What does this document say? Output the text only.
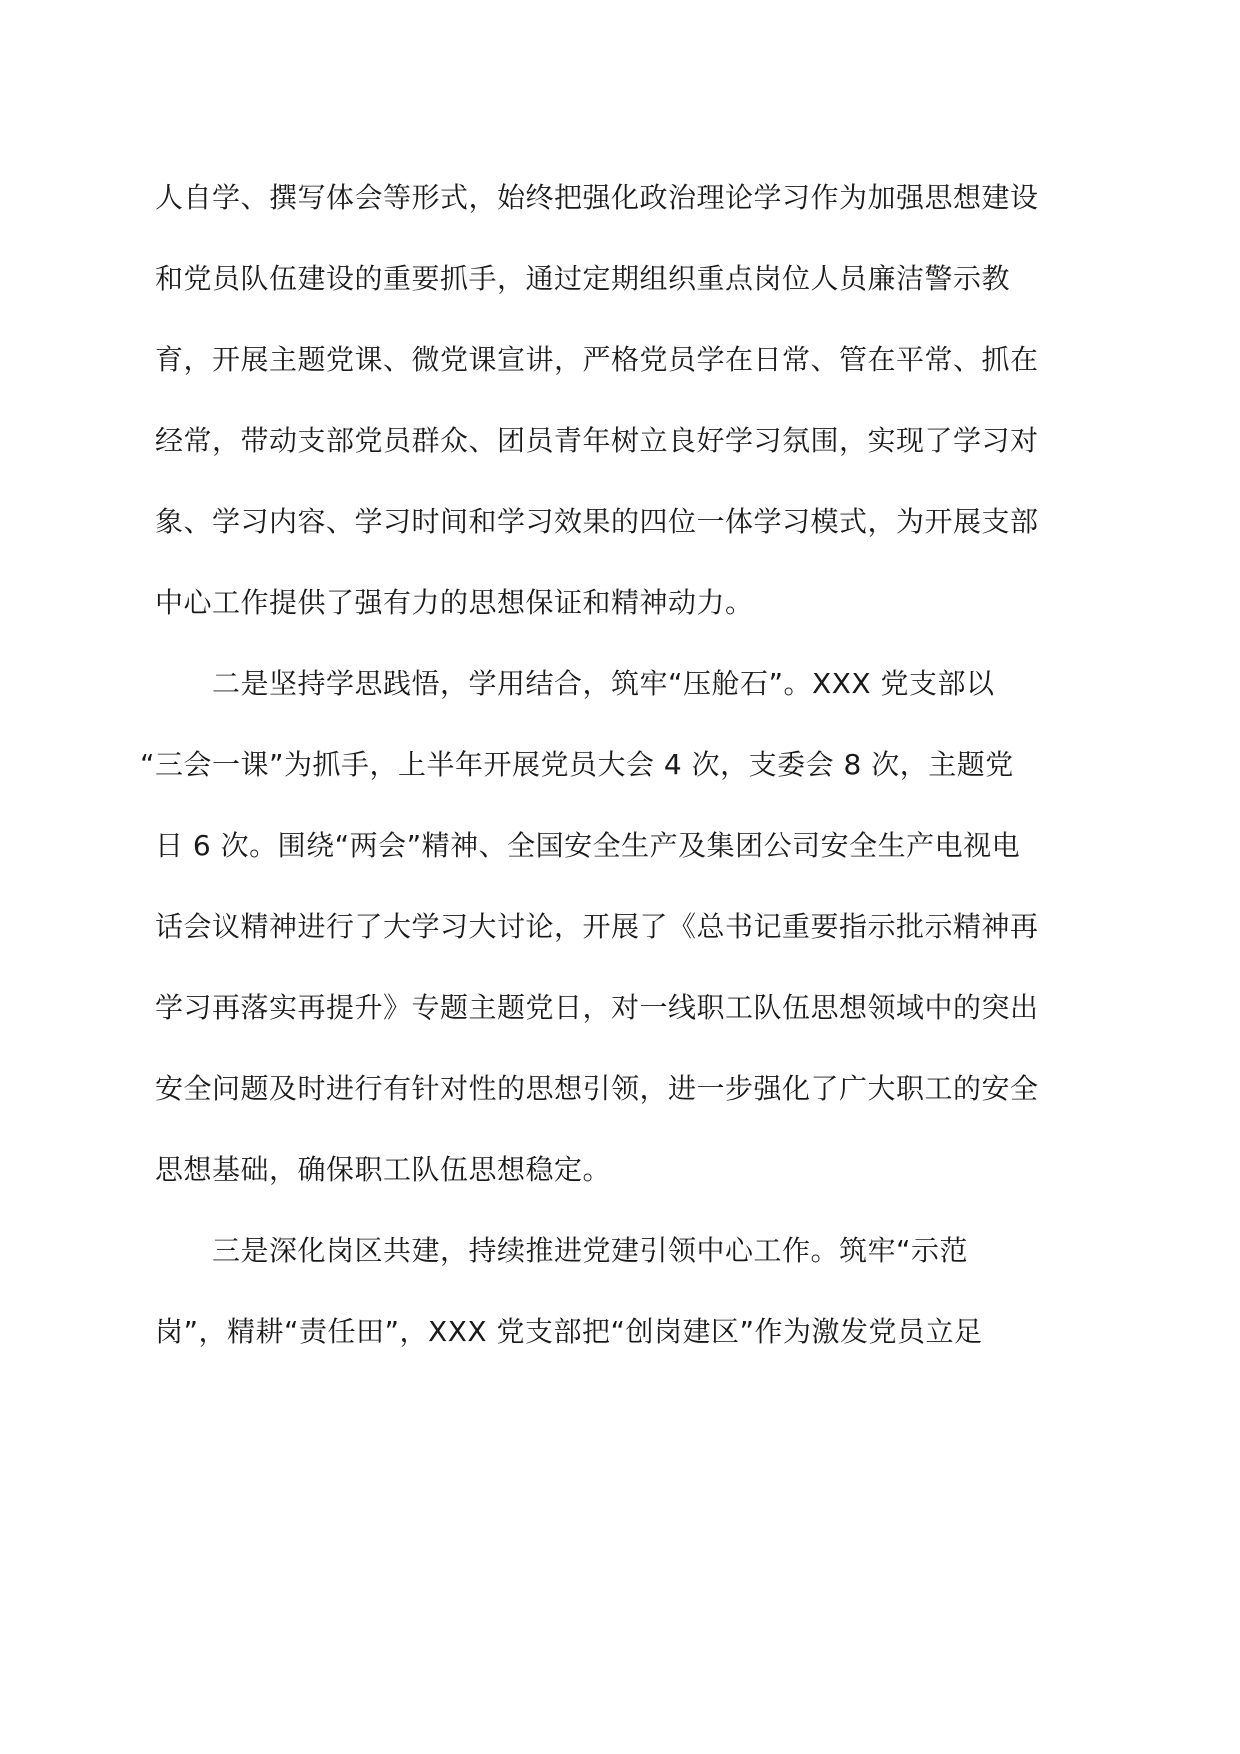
人自学、撰写体会等形式，始终把强化政治理论学习作为加强思想建设
和党员队伍建设的重要抓手，通过定期组织重点岗位人员廉洁警示教
育，开展主题党课、微党课宣讲，严格党员学在日常、管在平常、抓在
经常，带动支部党员群众、团员青年树立良好学习氛围，实现了学习对
象、学习内容、学习时间和学习效果的四位一体学习模式，为开展支部
中心工作提供了强有力的思想保证和精神动力。
二是坚持学思践悟，学用结合，筑牢“压舱石”。XXX 党支部以
“三会一课”为抓手，上半年开展党员大会 4 次，支委会 8 次，主题党
日 6 次。围绕“两会”精神、全国安全生产及集团公司安全生产电视电
话会议精神进行了大学习大讨论，开展了《总书记重要指示批示精神再
学习再落实再提升》专题主题党日，对一线职工队伍思想领域中的突出
安全问题及时进行有针对性的思想引领，进一步强化了广大职工的安全
思想基础，确保职工队伍思想稳定。
三是深化岗区共建，持续推进党建引领中心工作。筑牢“示范
岗”，精耕“责任田”，XXX 党支部把“创岗建区”作为激发党员立足
